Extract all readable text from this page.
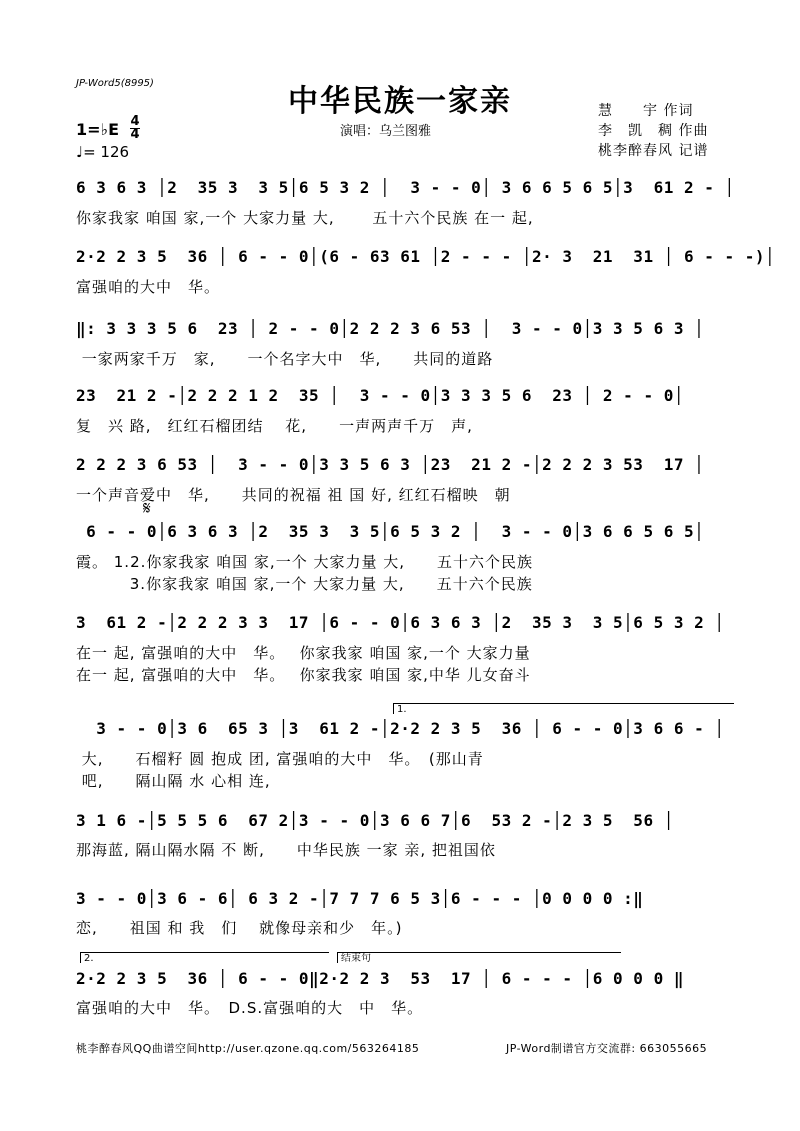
JP-Word5(8995)
中华民族一家亲
演唱：乌兰图雅
1=♭E 4
4
♩= 126
慧　　宇 作词
李　凯　稠 作曲
桃李醉春风 记谱
6 3 6 3 │2  35 3  3 5│6 5 3 2 │  3 - - 0│ 3 6 6 5 6 5│3  61 2 - │
你家我家 咱国 家,一个 大家力量 大,　　 五十六个民族 在一 起,
2·2 2 3 5  36 │ 6 - - 0│(6 - 63 61 │2 - - - │2· 3  21  31 │ 6 - - -)│
富强咱的大中　华。
‖: 3 3 3 5 6  23 │ 2 - - 0│2 2 2 3 6 53 │  3 - - 0│3 3 5 6 3 │
一家两家千万　家,　　一个名字大中　华,　　共同的道路
23  21 2 -│2 2 2 1 2  35 │  3 - - 0│3 3 3 5 6  23 │ 2 - - 0│
复　兴 路,　红红石榴团结　 花,　　一声两声千万　声,
2 2 2 3 6 53 │  3 - - 0│3 3 5 6 3 │23  21 2 -│2 2 2 3 53  17 │
一个声音爱中　华,　　共同的祝福 祖 国 好, 红红石榴映　朝
𝄋
6 - - 0│6 3 6 3 │2  35 3  3 5│6 5 3 2 │  3 - - 0│3 6 6 5 6 5│
霞。 1.2.你家我家 咱国 家,一个 大家力量 大,　　五十六个民族
　　 　3.你家我家 咱国 家,一个 大家力量 大,　　五十六个民族
3  61 2 -│2 2 2 3 3  17 │6 - - 0│6 3 6 3 │2  35 3  3 5│6 5 3 2 │
在一 起, 富强咱的大中　华。　 你家我家 咱国 家,一个 大家力量
在一 起, 富强咱的大中　华。　 你家我家 咱国 家,中华 儿女奋斗
1.
3 - - 0│3 6  65 3 │3  61 2 -│2·2 2 3 5  36 │ 6 - - 0│3 6 6 - │
大,　　石榴籽 圆 抱成 团, 富强咱的大中　华。　(那山青
吧,　　隔山隔 水 心相 连,
3 1 6 -│5 5 5 6  67 2│3 - - 0│3 6 6 7│6  53 2 -│2 3 5  56 │
那海蓝, 隔山隔水隔 不 断,　　中华民族 一家 亲, 把祖国依
3 - - 0│3 6 - 6│ 6 3 2 -│7 7 7 6 5 3│6 - - - │0 0 0 0 :‖
恋,　　祖国 和 我　们　 就像母亲和少　年。)
2.	结束句
2·2 2 3 5  36 │ 6 - - 0‖2·2 2 3  53  17 │ 6 - - - │6 0 0 0 ‖
富强咱的大中　华。　D.S.富强咱的大　中　华。
桃李醉春风QQ曲谱空间http://user.qzone.qq.com/563264185	JP-Word制谱官方交流群: 663055665
